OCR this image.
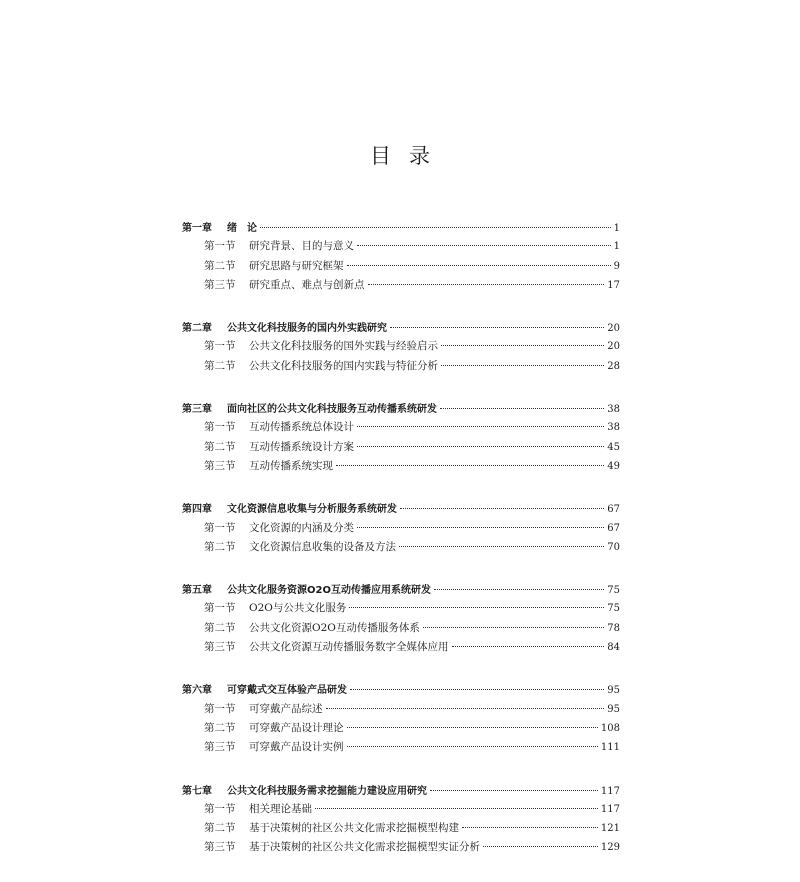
目录
第一章	绪　论	1
第一节	研究背景、目的与意义	1
第二节	研究思路与研究框架	9
第三节	研究重点、难点与创新点	17
第二章	公共文化科技服务的国内外实践研究	20
第一节	公共文化科技服务的国外实践与经验启示	20
第二节	公共文化科技服务的国内实践与特征分析	28
第三章	面向社区的公共文化科技服务互动传播系统研发	38
第一节	互动传播系统总体设计	38
第二节	互动传播系统设计方案	45
第三节	互动传播系统实现	49
第四章	文化资源信息收集与分析服务系统研发	67
第一节	文化资源的内涵及分类	67
第二节	文化资源信息收集的设备及方法	70
第五章	公共文化服务资源O2O互动传播应用系统研发	75
第一节	O2O与公共文化服务	75
第二节	公共文化资源O2O互动传播服务体系	78
第三节	公共文化资源互动传播服务数字全媒体应用	84
第六章	可穿戴式交互体验产品研发	95
第一节	可穿戴产品综述	95
第二节	可穿戴产品设计理论	108
第三节	可穿戴产品设计实例	111
第七章	公共文化科技服务需求挖掘能力建设应用研究	117
第一节	相关理论基础	117
第二节	基于决策树的社区公共文化需求挖掘模型构建	121
第三节	基于决策树的社区公共文化需求挖掘模型实证分析	129
